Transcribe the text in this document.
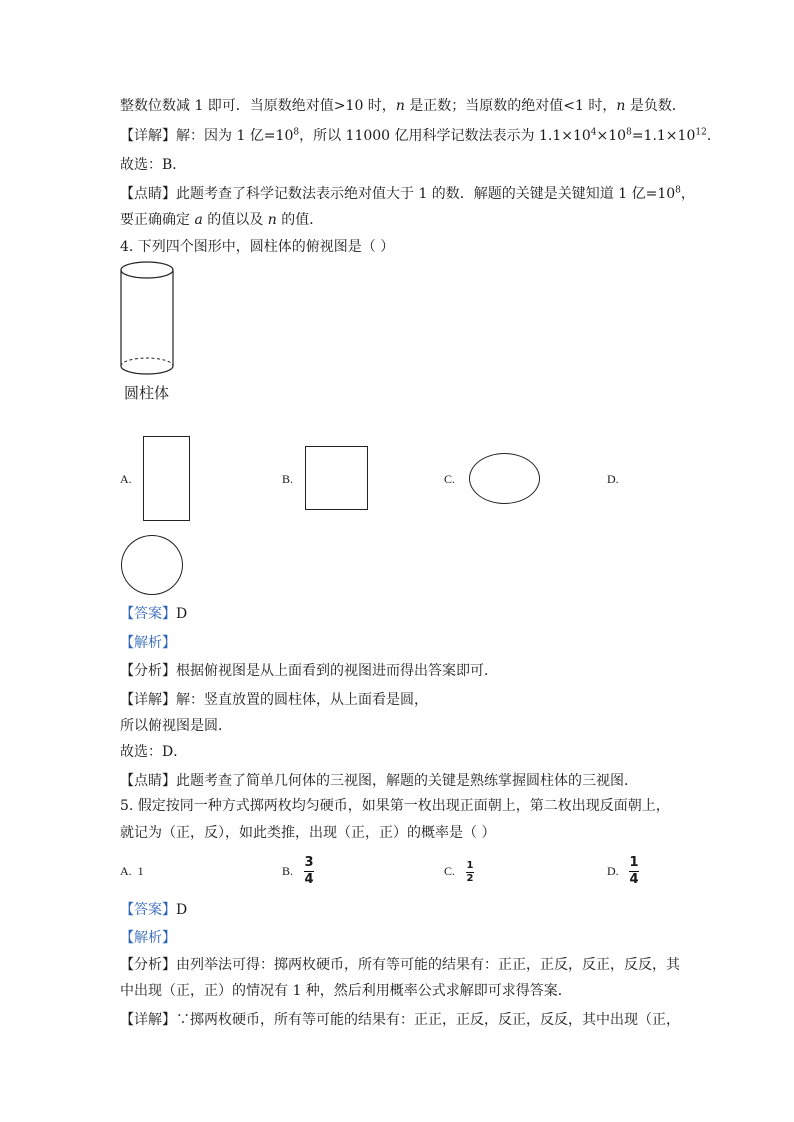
整数位数减 1 即可．当原数绝对值>10 时，n 是正数；当原数的绝对值<1 时，n 是负数．
【详解】解：因为 1 亿$=10^8$，所以 11000 亿用科学记数法表示为 $1.1\times 10^4\times 10^8=1.1\times 10^{12}$．
故选：B．
【点睛】此题考查了科学记数法表示绝对值大于 1 的数．解题的关键是关键知道 1 亿$=10^8$，
要正确确定 a 的值以及 n 的值．
4. 下列四个图形中，圆柱体的俯视图是（ ）
圆柱体
A.	B.	C.	D.
【答案】D
【解析】
【分析】根据俯视图是从上面看到的视图进而得出答案即可．
【详解】解：竖直放置的圆柱体，从上面看是圆，
所以俯视图是圆．
故选：D．
【点睛】此题考查了简单几何体的三视图，解题的关键是熟练掌握圆柱体的三视图．
5. 假定按同一种方式掷两枚均匀硬币，如果第一枚出现正面朝上，第二枚出现反面朝上，
就记为（正，反），如此类推，出现（正，正）的概率是（ ）
A. 1	B.
3
4
C. 1
2
D.
1
4
【答案】D
【解析】
【分析】由列举法可得：掷两枚硬币，所有等可能的结果有：正正，正反，反正，反反，其
中出现（正，正）的情况有 1 种，然后利用概率公式求解即可求得答案．
【详解】∵掷两枚硬币，所有等可能的结果有：正正，正反，反正，反反，其中出现（正，
